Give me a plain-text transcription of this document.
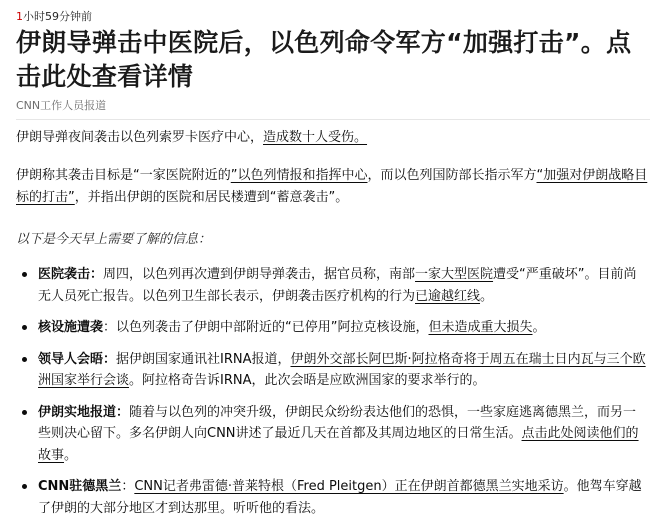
1小时59分钟前
伊朗导弹击中医院后，以色列命令军方“加强打击”。点击此处查看详情
CNN工作人员报道

伊朗导弹夜间袭击以色列索罗卡医疗中心，造成数十人受伤。

伊朗称其袭击目标是“一家医院附近的”以色列情报和指挥中心，而以色列国防部长指示军方“加强对伊朗战略目标的打击”，并指出伊朗的医院和居民楼遭到“蓄意袭击”。

以下是今天早上需要了解的信息：

医院袭击：周四，以色列再次遭到伊朗导弹袭击，据官员称，南部一家大型医院遭受“严重破坏”。目前尚无人员死亡报告。以色列卫生部长表示，伊朗袭击医疗机构的行为已逾越红线。
核设施遭袭：以色列袭击了伊朗中部附近的“已停用”阿拉克核设施，但未造成重大损失。
领导人会晤：据伊朗国家通讯社IRNA报道，伊朗外交部长阿巴斯·阿拉格奇将于周五在瑞士日内瓦与三个欧洲国家举行会谈。阿拉格奇告诉IRNA，此次会晤是应欧洲国家的要求举行的。
伊朗实地报道：随着与以色列的冲突升级，伊朗民众纷纷表达他们的恐惧，一些家庭逃离德黑兰，而另一些则决心留下。多名伊朗人向CNN讲述了最近几天在首都及其周边地区的日常生活。点击此处阅读他们的故事。
CNN驻德黑兰：CNN记者弗雷德·普莱特根（Fred Pleitgen）正在伊朗首都德黑兰实地采访。他驾车穿越了伊朗的大部分地区才到达那里。听听他的看法。
